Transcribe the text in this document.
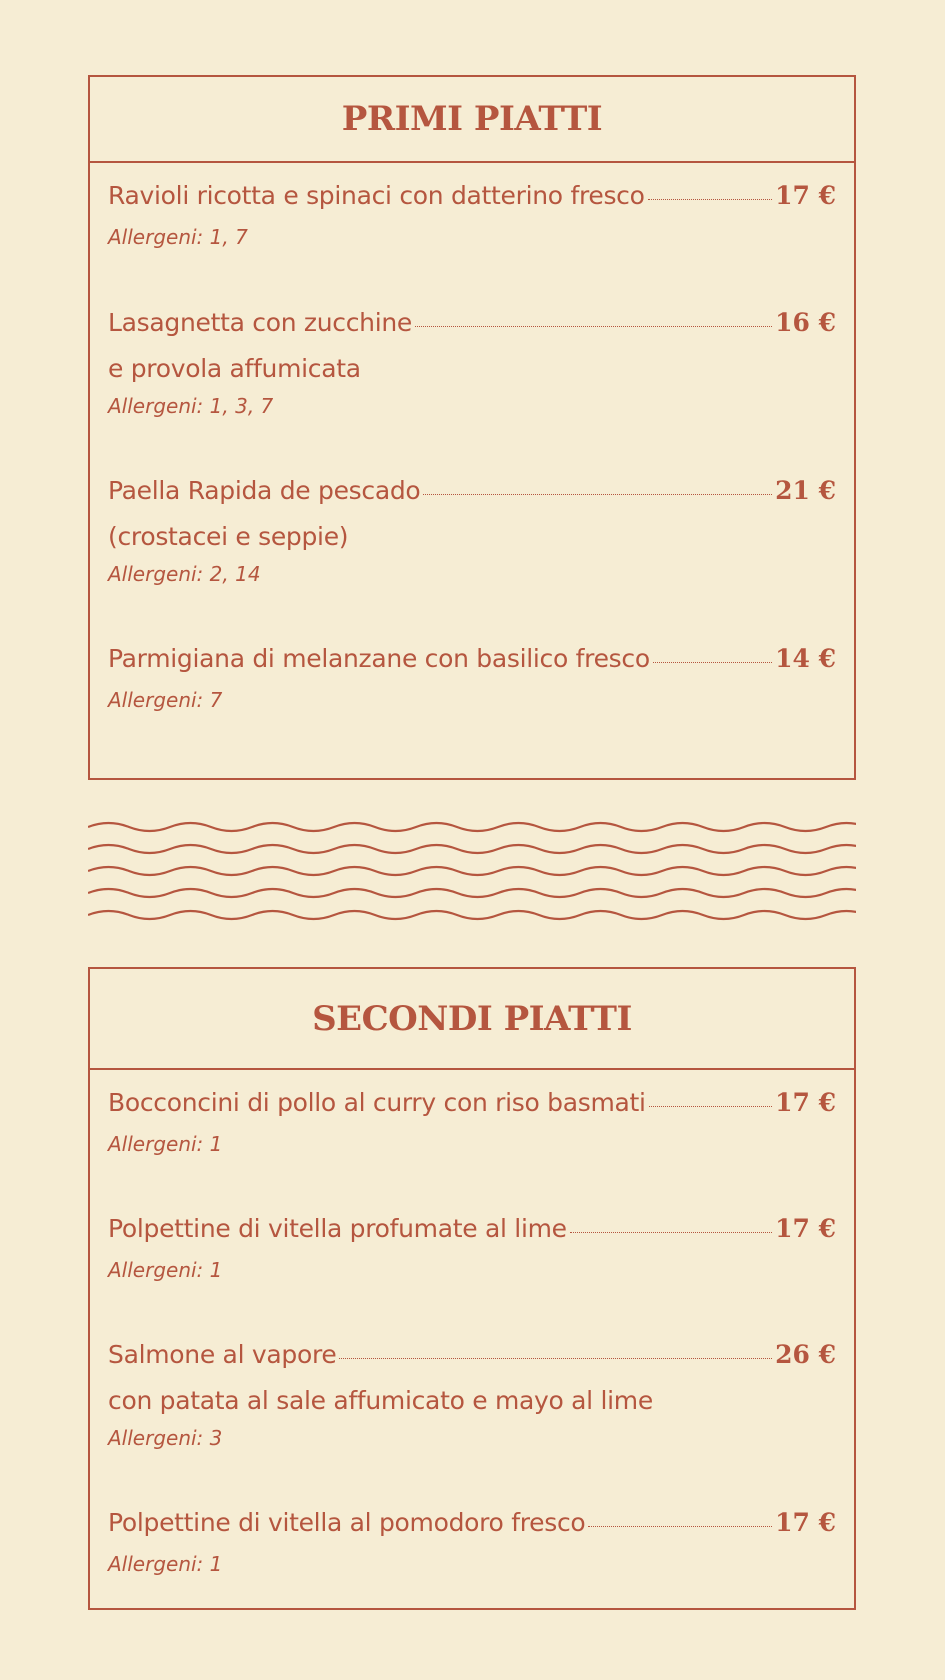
PRIMI PIATTI
Ravioli ricotta e spinaci con datterino fresco	17 €
Allergeni: 1, 7
Lasagnetta con zucchine	16 €
e provola affumicata
Allergeni: 1, 3, 7
Paella Rapida de pescado	21 €
(crostacei e seppie)
Allergeni: 2, 14
Parmigiana di melanzane con basilico fresco	14 €
Allergeni: 7
SECONDI PIATTI
Bocconcini di pollo al curry con riso basmati	17 €
Allergeni: 1
Polpettine di vitella profumate al lime	17 €
Allergeni: 1
Salmone al vapore	26 €
con patata al sale affumicato e mayo al lime
Allergeni: 3
Polpettine di vitella al pomodoro fresco	17 €
Allergeni: 1
